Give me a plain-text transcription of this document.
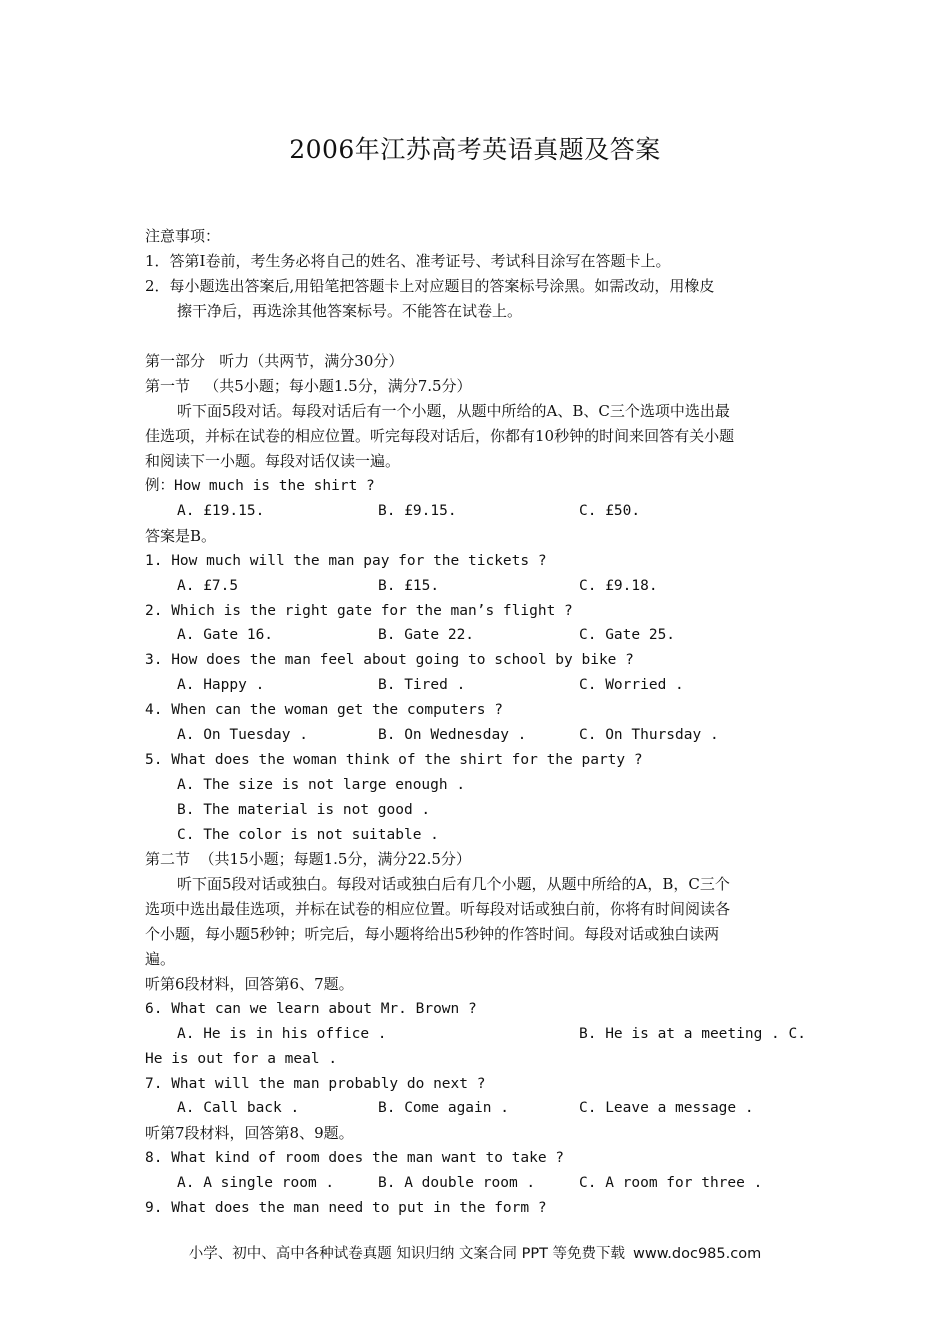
2006年江苏高考英语真题及答案
注意事项：
1．答第Ⅰ卷前，考生务必将自己的姓名、准考证号、考试科目涂写在答题卡上。
2．每小题选出答案后,用铅笔把答题卡上对应题目的答案标号涂黑。如需改动，用橡皮
擦干净后，再选涂其他答案标号。不能答在试卷上。
第一部分   听力（共两节，满分30分）
第一节   （共5小题；每小题1.5分，满分7.5分）
听下面5段对话。每段对话后有一个小题，从题中所给的A、B、C三个选项中选出最
佳选项，并标在试卷的相应位置。听完每段对话后，你都有10秒钟的时间来回答有关小题
和阅读下一小题。每段对话仅读一遍。
例：How much is the shirt ?
A. £19.15.	B. £9.15.	C. £50.
答案是B。
1. How much will the man pay for the tickets ?
A. £7.5	B. £15.	C. £9.18.
2. Which is the right gate for the man’s flight ?
A. Gate 16.	B. Gate 22.	C. Gate 25.
3. How does the man feel about going to school by bike ?
A. Happy .	B. Tired .	C. Worried .
4. When can the woman get the computers ?
A. On Tuesday .	B. On Wednesday .	C. On Thursday .
5. What does the woman think of the shirt for the party ?
A. The size is not large enough .
B. The material is not good .
C. The color is not suitable .
第二节  （共15小题；每题1.5分，满分22.5分）
听下面5段对话或独白。每段对话或独白后有几个小题，从题中所给的A，B，C三个
选项中选出最佳选项，并标在试卷的相应位置。听每段对话或独白前，你将有时间阅读各
个小题，每小题5秒钟；听完后，每小题将给出5秒钟的作答时间。每段对话或独白读两
遍。
听第6段材料，回答第6、7题。
6. What can we learn about Mr. Brown ?
A. He is in his office .	B. He is at a meeting . C.
He is out for a meal .
7. What will the man probably do next ?
A. Call back .	B. Come again .	C. Leave a message .
听第7段材料，回答第8、9题。
8. What kind of room does the man want to take ?
A. A single room .	B. A double room .	C. A room for three .
9. What does the man need to put in the form ?
小学、初中、高中各种试卷真题 知识归纳 文案合同 PPT 等免费下载 www.doc985.com
